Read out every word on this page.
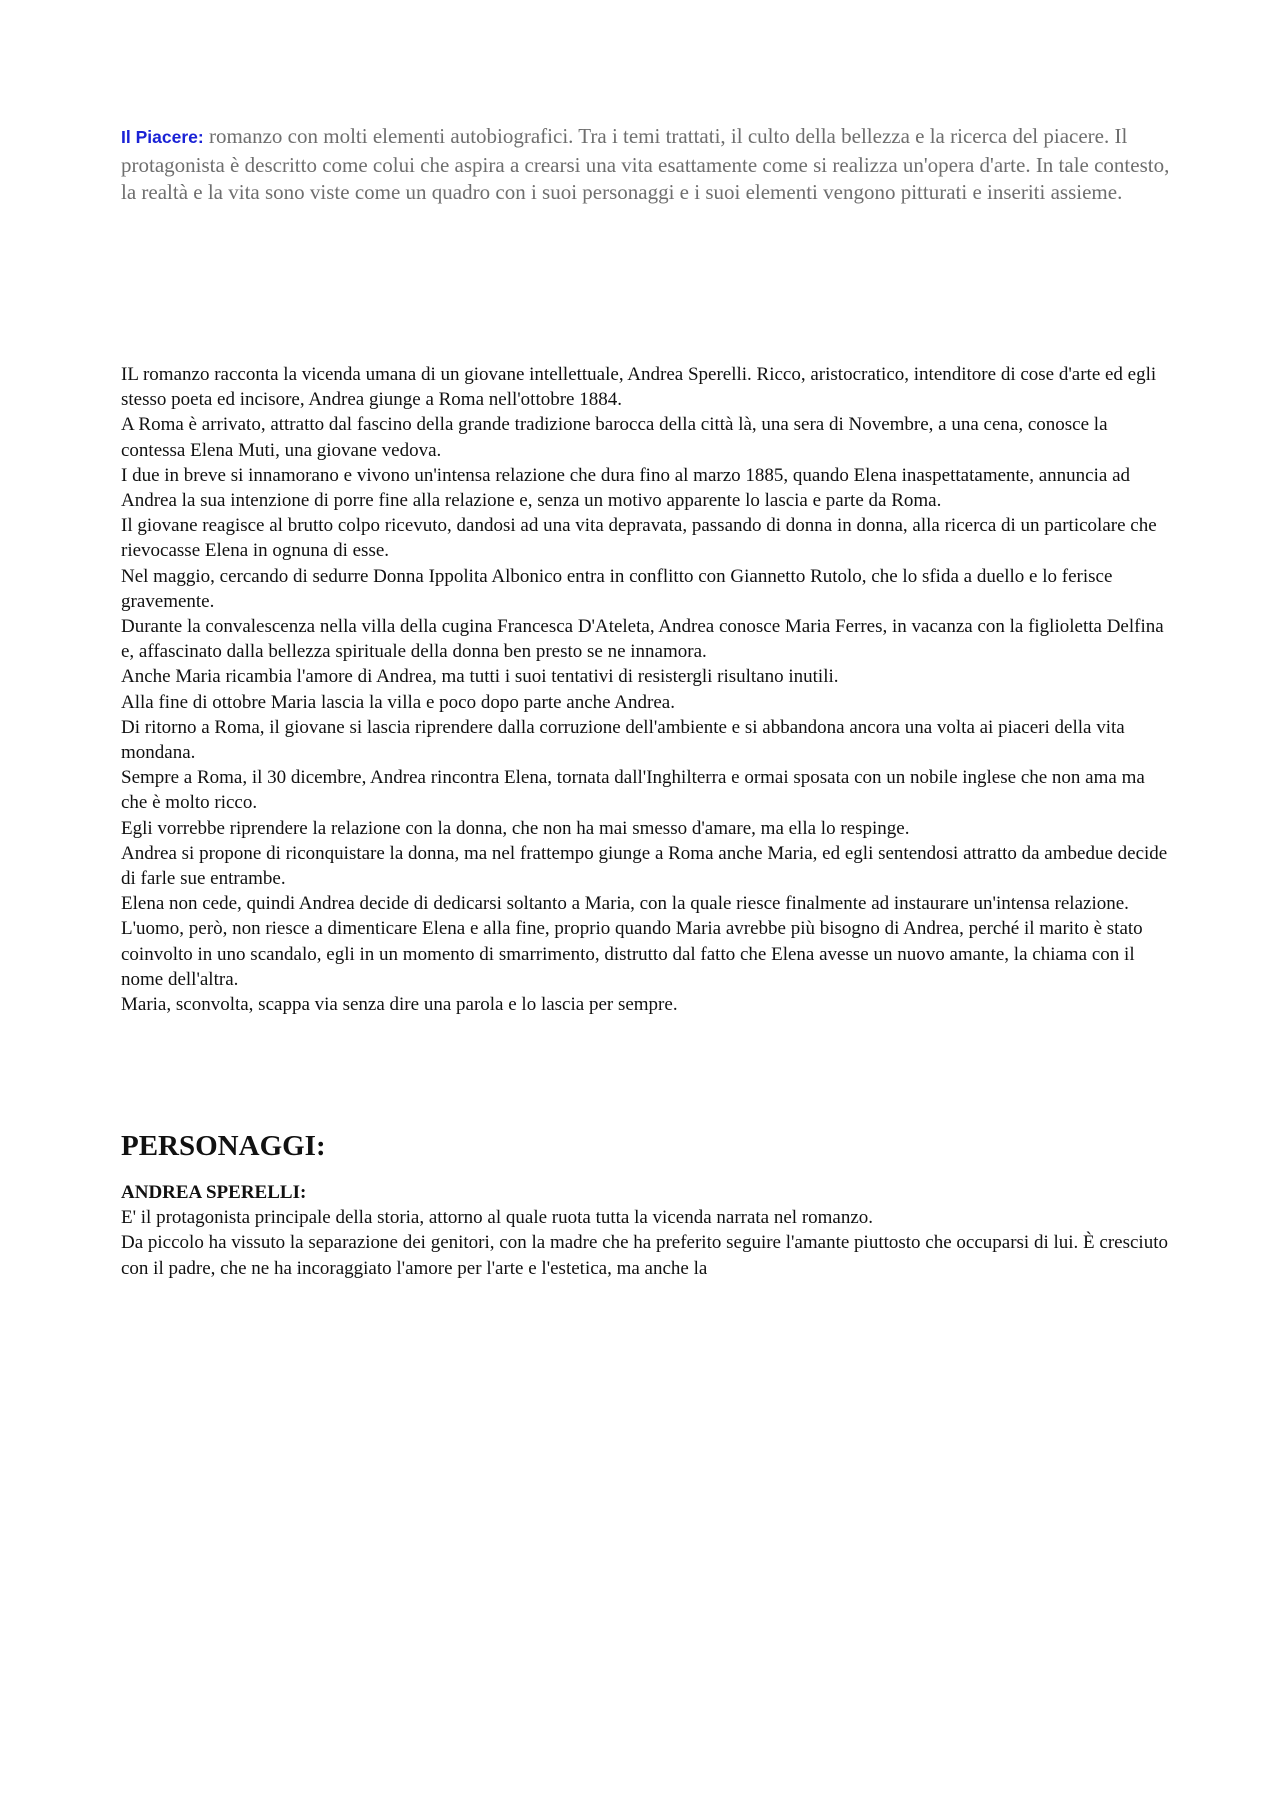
Il Piacere: romanzo con molti elementi autobiografici. Tra i temi trattati, il culto della bellezza e la ricerca del piacere. Il protagonista è descritto come colui che aspira a crearsi una vita esattamente come si realizza un'opera d'arte. In tale contesto, la realtà e la vita sono viste come un quadro con i suoi personaggi e i suoi elementi vengono pitturati e inseriti assieme.

IL romanzo racconta la vicenda umana di un giovane intellettuale, Andrea Sperelli. Ricco, aristocratico, intenditore di cose d'arte ed egli stesso poeta ed incisore, Andrea giunge a Roma nell'ottobre 1884.

A Roma è arrivato, attratto dal fascino della grande tradizione barocca della città là, una sera di Novembre, a una cena, conosce la contessa Elena Muti, una giovane vedova.

I due in breve si innamorano e vivono un'intensa relazione che dura fino al marzo 1885, quando Elena inaspettatamente, annuncia ad Andrea la sua intenzione di porre fine alla relazione e, senza un motivo apparente lo lascia e parte da Roma.

Il giovane reagisce al brutto colpo ricevuto, dandosi ad una vita depravata, passando di donna in donna, alla ricerca di un particolare che rievocasse Elena in ognuna di esse.

Nel maggio, cercando di sedurre Donna Ippolita Albonico entra in conflitto con Giannetto Rutolo, che lo sfida a duello e lo ferisce gravemente.

Durante la convalescenza nella villa della cugina Francesca D'Ateleta, Andrea conosce Maria Ferres, in vacanza con la figlioletta Delfina e, affascinato dalla bellezza spirituale della donna ben presto se ne innamora.

Anche Maria ricambia l'amore di Andrea, ma tutti i suoi tentativi di resistergli risultano inutili.

Alla fine di ottobre Maria lascia la villa e poco dopo parte anche Andrea.

Di ritorno a Roma, il giovane si lascia riprendere dalla corruzione dell'ambiente e si abbandona ancora una volta ai piaceri della vita mondana.

Sempre a Roma, il 30 dicembre, Andrea rincontra Elena, tornata dall'Inghilterra e ormai sposata con un nobile inglese che non ama ma che è molto ricco.

Egli vorrebbe riprendere la relazione con la donna, che non ha mai smesso d'amare, ma ella lo respinge.

Andrea si propone di riconquistare la donna, ma nel frattempo giunge a Roma anche Maria, ed egli sentendosi attratto da ambedue decide di farle sue entrambe.

Elena non cede, quindi Andrea decide di dedicarsi soltanto a Maria, con la quale riesce finalmente ad instaurare un'intensa relazione.

L'uomo, però, non riesce a dimenticare Elena e alla fine, proprio quando Maria avrebbe più bisogno di Andrea, perché il marito è stato coinvolto in uno scandalo, egli in un momento di smarrimento, distrutto dal fatto che Elena avesse un nuovo amante, la chiama con il nome dell'altra.

Maria, sconvolta, scappa via senza dire una parola e lo lascia per sempre.

PERSONAGGI:
ANDREA SPERELLI:

E' il protagonista principale della storia, attorno al quale ruota tutta la vicenda narrata nel romanzo.

Da piccolo ha vissuto la separazione dei genitori, con la madre che ha preferito seguire l'amante piuttosto che occuparsi di lui. È cresciuto con il padre, che ne ha incoraggiato l'amore per l'arte e l'estetica, ma anche la
